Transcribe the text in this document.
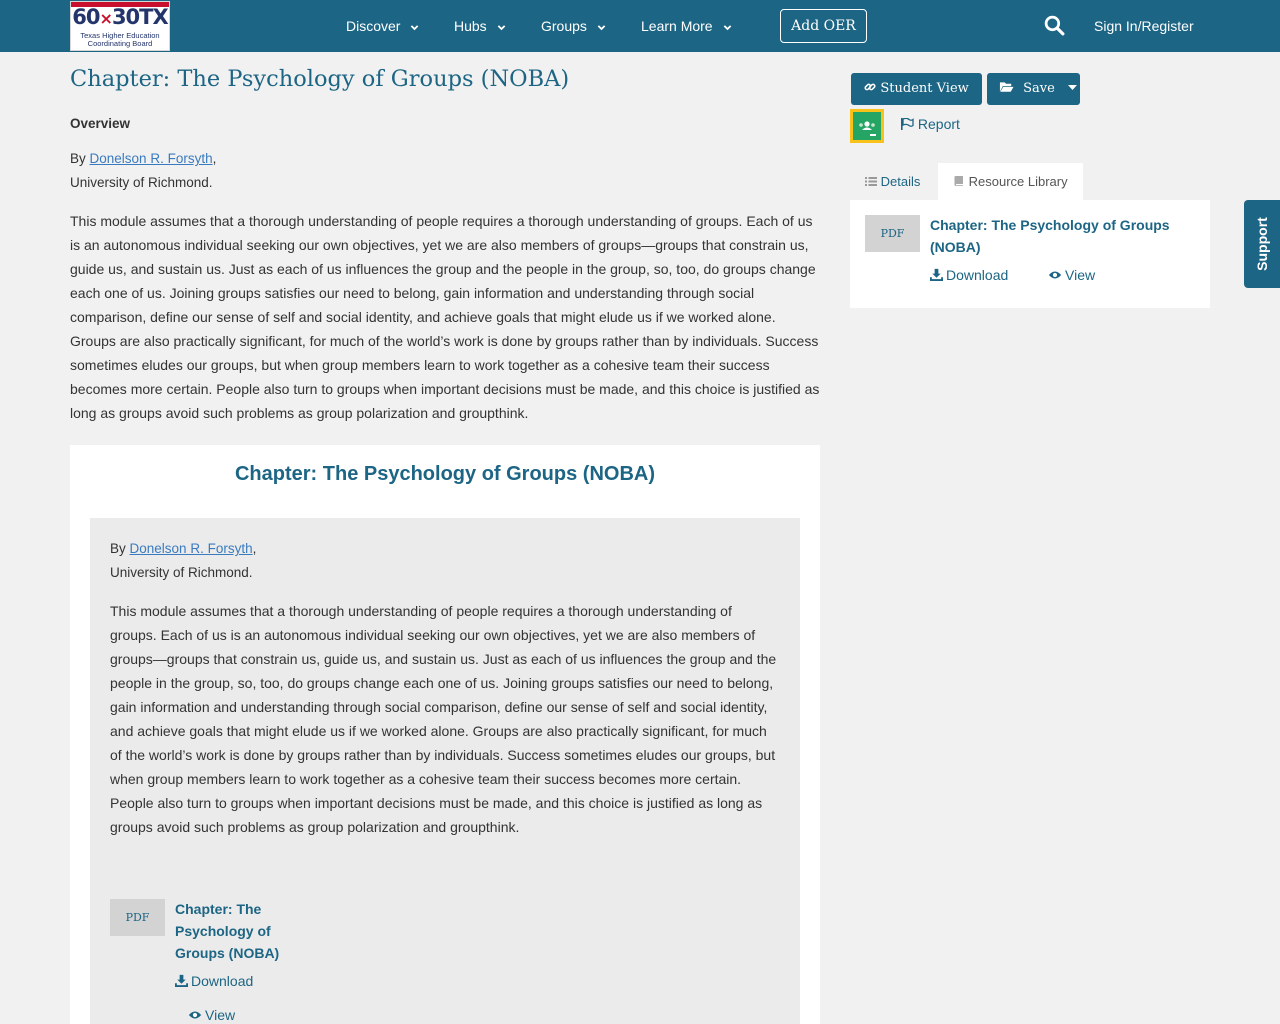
60×30TX
Texas Higher Education
Coordinating Board
Discover	Hubs	Groups	Learn More	Add OER	Sign In/Register
Chapter: The Psychology of Groups (NOBA)
Overview
By Donelson R. Forsyth,
University of Richmond.
This module assumes that a thorough understanding of people requires a thorough understanding of groups. Each of us is an autonomous individual seeking our own objectives, yet we are also members of groups—groups that constrain us, guide us, and sustain us. Just as each of us influences the group and the people in the group, so, too, do groups change each one of us. Joining groups satisfies our need to belong, gain information and understanding through social comparison, define our sense of self and social identity, and achieve goals that might elude us if we worked alone. Groups are also practically significant, for much of the world’s work is done by groups rather than by individuals. Success sometimes eludes our groups, but when group members learn to work together as a cohesive team their success becomes more certain. People also turn to groups when important decisions must be made, and this choice is justified as long as groups avoid such problems as group polarization and groupthink.
Chapter: The Psychology of Groups (NOBA)
By Donelson R. Forsyth,
University of Richmond.
This module assumes that a thorough understanding of people requires a thorough understanding of groups. Each of us is an autonomous individual seeking our own objectives, yet we are also members of groups—groups that constrain us, guide us, and sustain us. Just as each of us influences the group and the people in the group, so, too, do groups change each one of us. Joining groups satisfies our need to belong, gain information and understanding through social comparison, define our sense of self and social identity, and achieve goals that might elude us if we worked alone. Groups are also practically significant, for much of the world’s work is done by groups rather than by individuals. Success sometimes eludes our groups, but when group members learn to work together as a cohesive team their success becomes more certain. People also turn to groups when important decisions must be made, and this choice is justified as long as groups avoid such problems as group polarization and groupthink.
PDF
Chapter: The Psychology of Groups (NOBA)
Download
View
Student View	Save
Report
Details	Resource Library
PDF
Chapter: The Psychology of Groups (NOBA)
Download	View
Support
